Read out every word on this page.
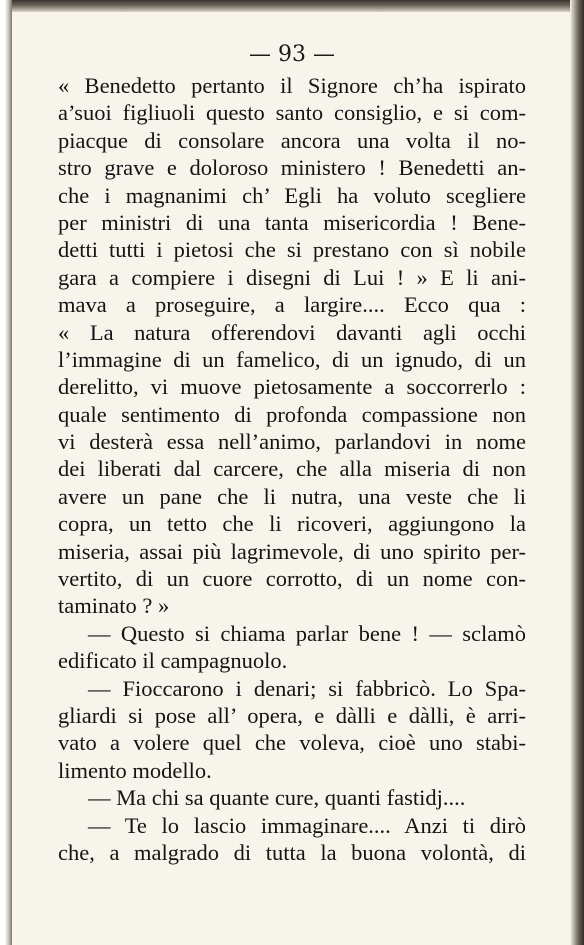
— 93 —
« Benedetto pertanto il Signore ch’ha ispirato
a’suoi figliuoli questo santo consiglio, e si com-
piacque di consolare ancora una volta il no-
stro grave e doloroso ministero ! Benedetti an-
che i magnanimi ch’ Egli ha voluto scegliere
per ministri di una tanta misericordia ! Bene-
detti tutti i pietosi che si prestano con sì nobile
gara a compiere i disegni di Lui ! » E li ani-
mava a proseguire, a largire.... Ecco qua :
« La natura offerendovi davanti agli occhi
l’immagine di un famelico, di un ignudo, di un
derelitto, vi muove pietosamente a soccorrerlo :
quale sentimento di profonda compassione non
vi desterà essa nell’animo, parlandovi in nome
dei liberati dal carcere, che alla miseria di non
avere un pane che li nutra, una veste che li
copra, un tetto che li ricoveri, aggiungono la
miseria, assai più lagrimevole, di uno spirito per-
vertito, di un cuore corrotto, di un nome con-
taminato ? »
— Questo si chiama parlar bene ! — sclamò
edificato il campagnuolo.
— Fioccarono i denari; si fabbricò. Lo Spa-
gliardi si pose all’ opera, e dàlli e dàlli, è arri-
vato a volere quel che voleva, cioè uno stabi-
limento modello.
— Ma chi sa quante cure, quanti fastidj....
— Te lo lascio immaginare.... Anzi ti dirò
che, a malgrado di tutta la buona volontà, di
